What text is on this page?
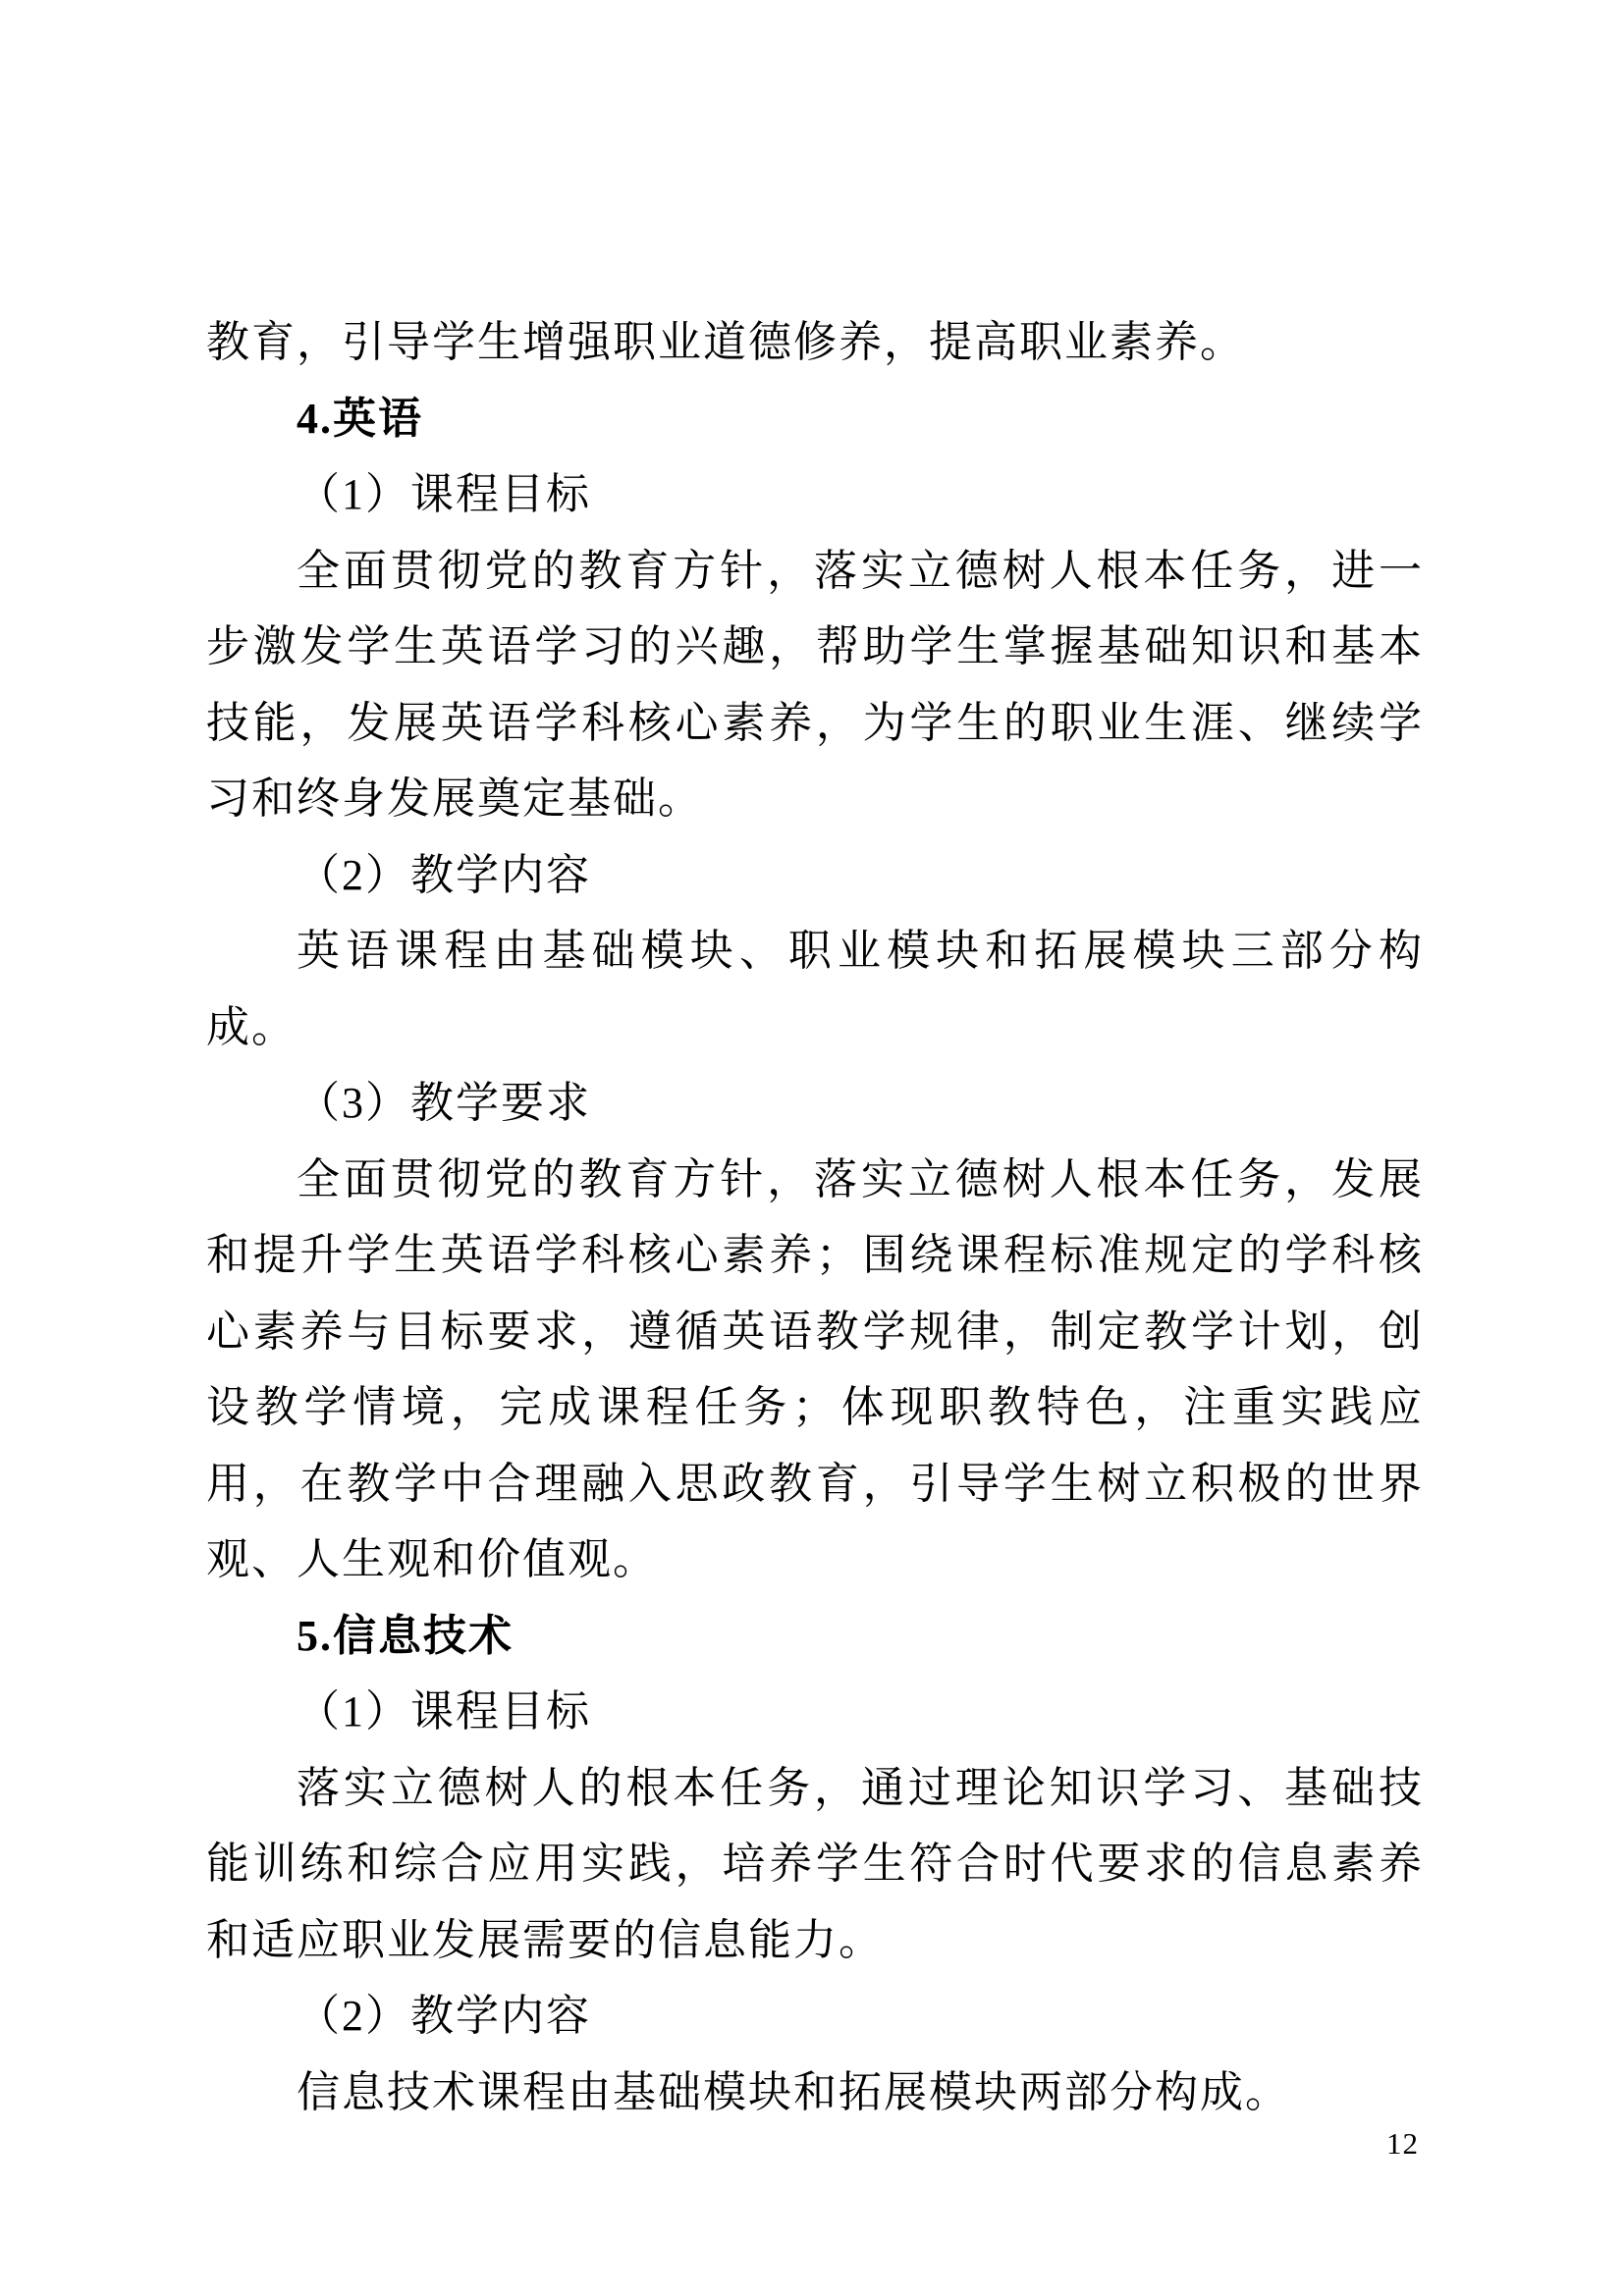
教育，引导学生增强职业道德修养，提高职业素养。

4.英语

（1）课程目标

全面贯彻党的教育方针，落实立德树人根本任务，进一步激发学生英语学习的兴趣，帮助学生掌握基础知识和基本技能，发展英语学科核心素养，为学生的职业生涯、继续学习和终身发展奠定基础。

（2）教学内容

英语课程由基础模块、职业模块和拓展模块三部分构成。

（3）教学要求

全面贯彻党的教育方针，落实立德树人根本任务，发展和提升学生英语学科核心素养；围绕课程标准规定的学科核心素养与目标要求，遵循英语教学规律，制定教学计划，创设教学情境，完成课程任务；体现职教特色，注重实践应用，在教学中合理融入思政教育，引导学生树立积极的世界观、人生观和价值观。

5.信息技术

（1）课程目标

落实立德树人的根本任务，通过理论知识学习、基础技能训练和综合应用实践，培养学生符合时代要求的信息素养和适应职业发展需要的信息能力。

（2）教学内容

信息技术课程由基础模块和拓展模块两部分构成。

12
